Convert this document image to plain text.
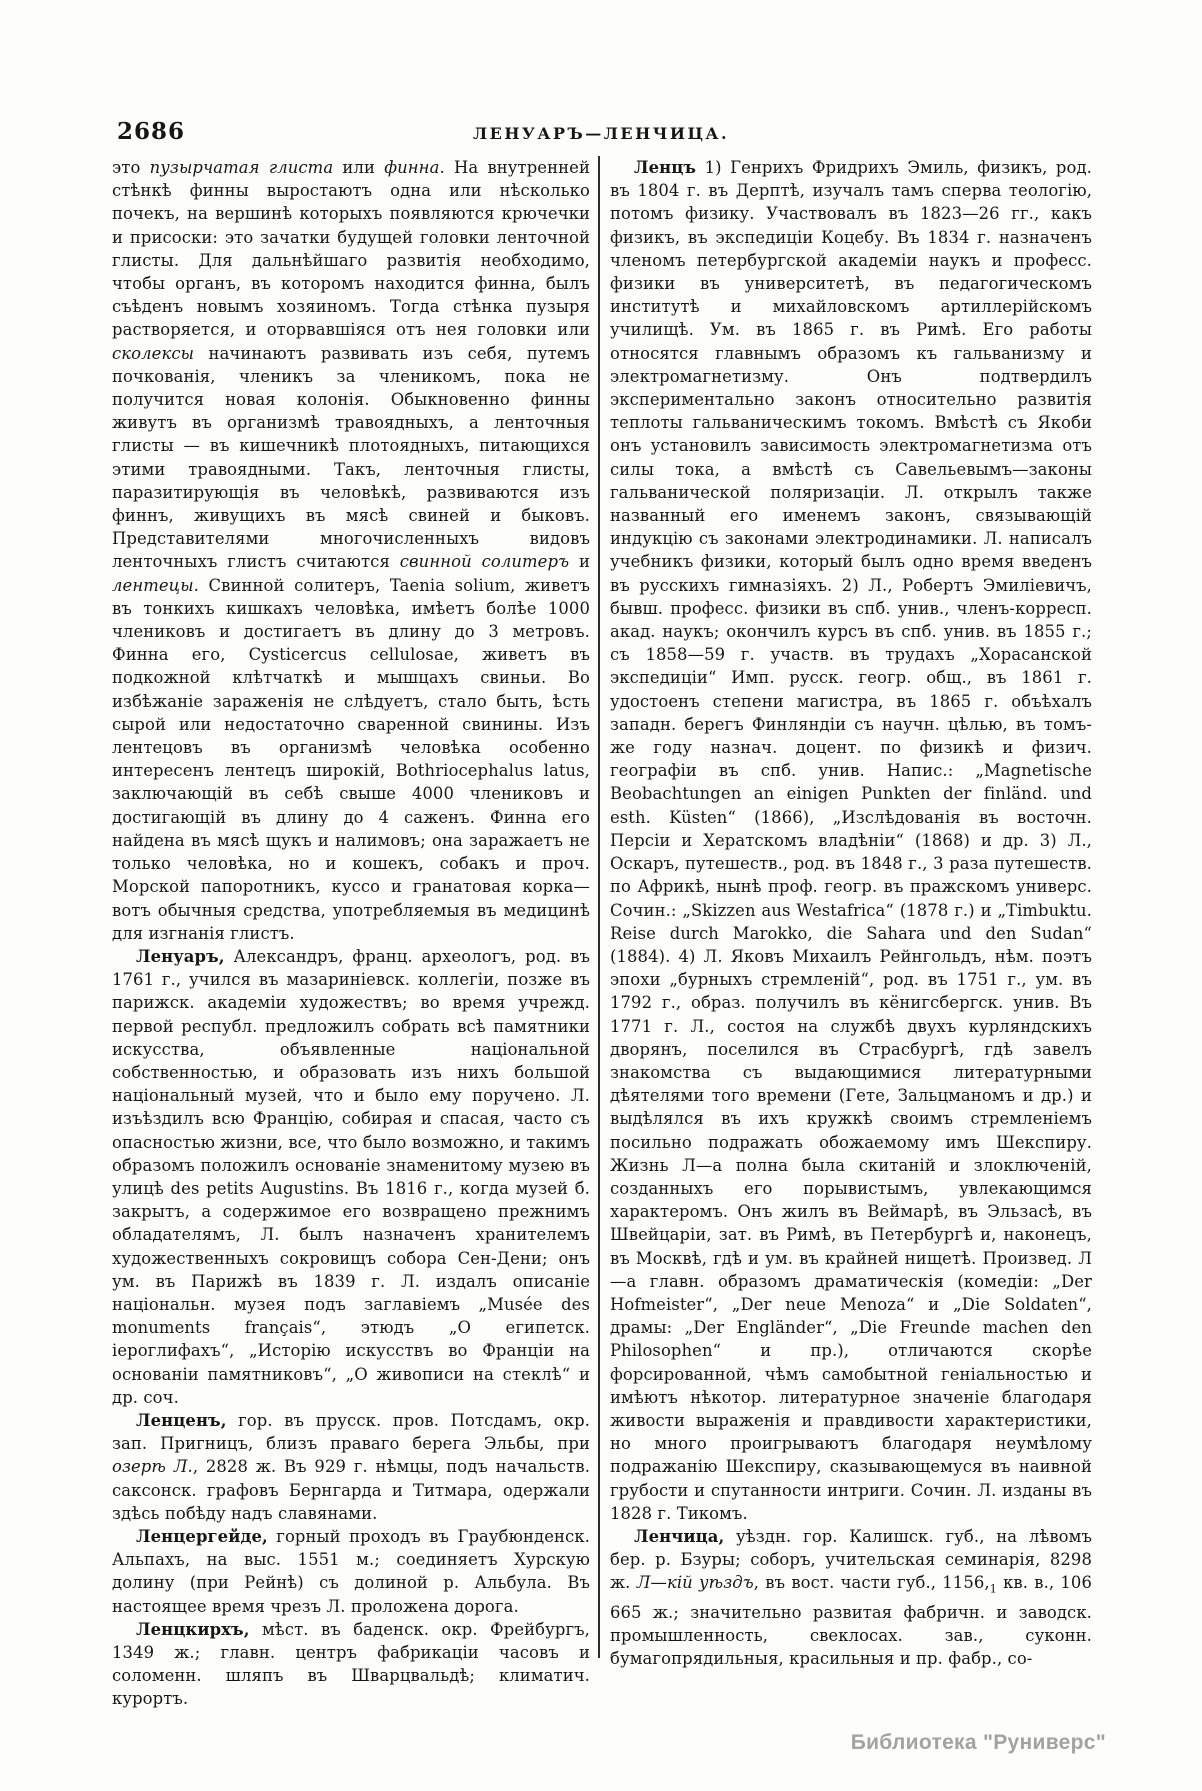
2686	ЛЕНУАРЪ—ЛЕНЧИЦА.

это пузырчатая глиста или финна. На внутренней стѣнкѣ финны выростаютъ одна или нѣсколько почекъ, на вершинѣ которыхъ появляются крючечки и присоски: это зачатки будущей головки ленточной глисты. Для дальнѣйшаго развитія необходимо, чтобы органъ, въ которомъ находится финна, былъ съѣденъ новымъ хозяиномъ. Тогда стѣнка пузыря растворяется, и оторвавшіяся отъ нея головки или сколексы начинаютъ развивать изъ себя, путемъ почкованія, членикъ за членикомъ, пока не получится новая колонія. Обыкновенно финны живутъ въ организмѣ травоядныхъ, а ленточныя глисты — въ кишечникѣ плотоядныхъ, питающихся этими травоядными. Такъ, ленточныя глисты, паразитирующія въ человѣкѣ, развиваются изъ финнъ, живущихъ въ мясѣ свиней и быковъ. Представителями многочисленныхъ видовъ ленточныхъ глистъ считаются свинной солитеръ и лентецы. Свинной солитеръ, Taenia solium, живетъ въ тонкихъ кишкахъ человѣка, имѣетъ болѣе 1000 члениковъ и достигаетъ въ длину до 3 метровъ. Финна его, Cysticercus cellulosae, живетъ въ подкожной клѣтчаткѣ и мышцахъ свиньи. Во избѣжаніе зараженія не слѣдуетъ, стало быть, ѣсть сырой или недостаточно сваренной свинины. Изъ лентецовъ въ организмѣ человѣка особенно интересенъ лентецъ широкій, Bothriocephalus latus, заключающій въ себѣ свыше 4000 члениковъ и достигающій въ длину до 4 саженъ. Финна его найдена въ мясѣ щукъ и налимовъ; она заражаетъ не только человѣка, но и кошекъ, собакъ и проч. Морской папоротникъ, куссо и гранатовая корка—вотъ обычныя средства, употребляемыя въ медицинѣ для изгнанія глистъ.

Ленуаръ, Александръ, франц. археологъ, род. въ 1761 г., учился въ мазариніевск. коллегіи, позже въ парижск. академіи художествъ; во время учрежд. первой республ. предложилъ собрать всѣ памятники искусства, объявленные національной собственностью, и образовать изъ нихъ большой національный музей, что и было ему поручено. Л. изъѣздилъ всю Францію, собирая и спасая, часто съ опасностью жизни, все, что было возможно, и такимъ образомъ положилъ основаніе знаменитому музею въ улицѣ des petits Augustins. Въ 1816 г., когда музей б. закрытъ, а содержимое его возвращено прежнимъ обладателямъ, Л. былъ назначенъ хранителемъ художественныхъ сокровищъ собора Сен-Дени; онъ ум. въ Парижѣ въ 1839 г. Л. издалъ описаніе національн. музея подъ заглавіемъ „Musée des monuments français“, этюдъ „О египетск. іероглифахъ“, „Исторію искусствъ во Франціи на основаніи памятниковъ“, „О живописи на стеклѣ“ и др. соч.

Ленценъ, гор. въ прусск. пров. Потсдамъ, окр. зап. Пригницъ, близъ праваго берега Эльбы, при озерѣ Л., 2828 ж. Въ 929 г. нѣмцы, подъ начальств. саксонск. графовъ Бернгарда и Титмара, одержали здѣсь побѣду надъ славянами.

Ленцергейде, горный проходъ въ Граубюнденск. Альпахъ, на выс. 1551 м.; соединяетъ Хурскую долину (при Рейнѣ) съ долиной р. Альбула. Въ настоящее время чрезъ Л. проложена дорога.

Ленцкирхъ, мѣст. въ баденск. окр. Фрейбургъ, 1349 ж.; главн. центръ фабрикаціи часовъ и соломенн. шляпъ въ Шварцвальдѣ; климатич. курортъ.

Ленцъ 1) Генрихъ Фридрихъ Эмиль, физикъ, род. въ 1804 г. въ Дерптѣ, изучалъ тамъ сперва теологію, потомъ физику. Участвовалъ въ 1823—26 гг., какъ физикъ, въ экспедиціи Коцебу. Въ 1834 г. назначенъ членомъ петербургской академіи наукъ и професс. физики въ университетѣ, въ педагогическомъ институтѣ и михайловскомъ артиллерійскомъ училищѣ. Ум. въ 1865 г. въ Римѣ. Его работы относятся главнымъ образомъ къ гальванизму и электромагнетизму. Онъ подтвердилъ экспериментально законъ относительно развитія теплоты гальваническимъ токомъ. Вмѣстѣ съ Якоби онъ установилъ зависимость электромагнетизма отъ силы тока, а вмѣстѣ съ Савельевымъ—законы гальванической поляризаціи. Л. открылъ также названный его именемъ законъ, связывающій индукцію съ законами электродинамики. Л. написалъ учебникъ физики, который былъ одно время введенъ въ русскихъ гимназіяхъ. 2) Л., Робертъ Эмиліевичъ, бывш. професс. физики въ спб. унив., членъ-корресп. акад. наукъ; окончилъ курсъ въ спб. унив. въ 1855 г.; съ 1858—59 г. участв. въ трудахъ „Хорасанской экспедиціи“ Имп. русск. геогр. общ., въ 1861 г. удостоенъ степени магистра, въ 1865 г. объѣхалъ западн. берегъ Финляндіи съ научн. цѣлью, въ томъ-же году назнач. доцент. по физикѣ и физич. географіи въ спб. унив. Напис.: „Magnetische Beobachtungen an einigen Punkten der finländ. und esth. Küsten“ (1866), „Изслѣдованія въ восточн. Персіи и Хератскомъ владѣніи“ (1868) и др. 3) Л., Оскаръ, путешеств., род. въ 1848 г., 3 раза путешеств. по Африкѣ, нынѣ проф. геогр. въ пражскомъ универс. Сочин.: „Skizzen aus Westafrica“ (1878 г.) и „Timbuktu. Reise durch Marokko, die Sahara und den Sudan“ (1884). 4) Л. Яковъ Михаилъ Рейнгольдъ, нѣм. поэтъ эпохи „бурныхъ стремленій“, род. въ 1751 г., ум. въ 1792 г., образ. получилъ въ кёнигсбергск. унив. Въ 1771 г. Л., состоя на службѣ двухъ курляндскихъ дворянъ, поселился въ Страсбургѣ, гдѣ завелъ знакомства съ выдающимися литературными дѣятелями того времени (Гете, Зальцманомъ и др.) и выдѣлялся въ ихъ кружкѣ своимъ стремленіемъ посильно подражать обожаемому имъ Шекспиру. Жизнь Л—а полна была скитаній и злоключеній, созданныхъ его порывистымъ, увлекающимся характеромъ. Онъ жилъ въ Веймарѣ, въ Эльзасѣ, въ Швейцаріи, зат. въ Римѣ, въ Петербургѣ и, наконецъ, въ Москвѣ, гдѣ и ум. въ крайней нищетѣ. Произвед. Л—а главн. образомъ драматическія (комедіи: „Der Hofmeister“, „Der neue Menoza“ и „Die Soldaten“, драмы: „Der Engländer“, „Die Freunde machen den Philosophen“ и пр.), отличаются скорѣе форсированной, чѣмъ самобытной геніальностью и имѣютъ нѣкотор. литературное значеніе благодаря живости выраженія и правдивости характеристики, но много проигрываютъ благодаря неумѣлому подражанію Шекспиру, сказывающемуся въ наивной грубости и спутанности интриги. Сочин. Л. изданы въ 1828 г. Тикомъ.

Ленчица, уѣздн. гор. Калишск. губ., на лѣвомъ бер. р. Бзуры; соборъ, учительская семинарія, 8298 ж. Л—кій уѣздъ, въ вост. части губ., $1156,_1$ кв. в., 106 665 ж.; значительно развитая фабричн. и заводск. промышленность, свеклосах. зав., суконн. бумагопрядильныя, красильныя и пр. фабр., со-

Библиотека "Руниверс"
